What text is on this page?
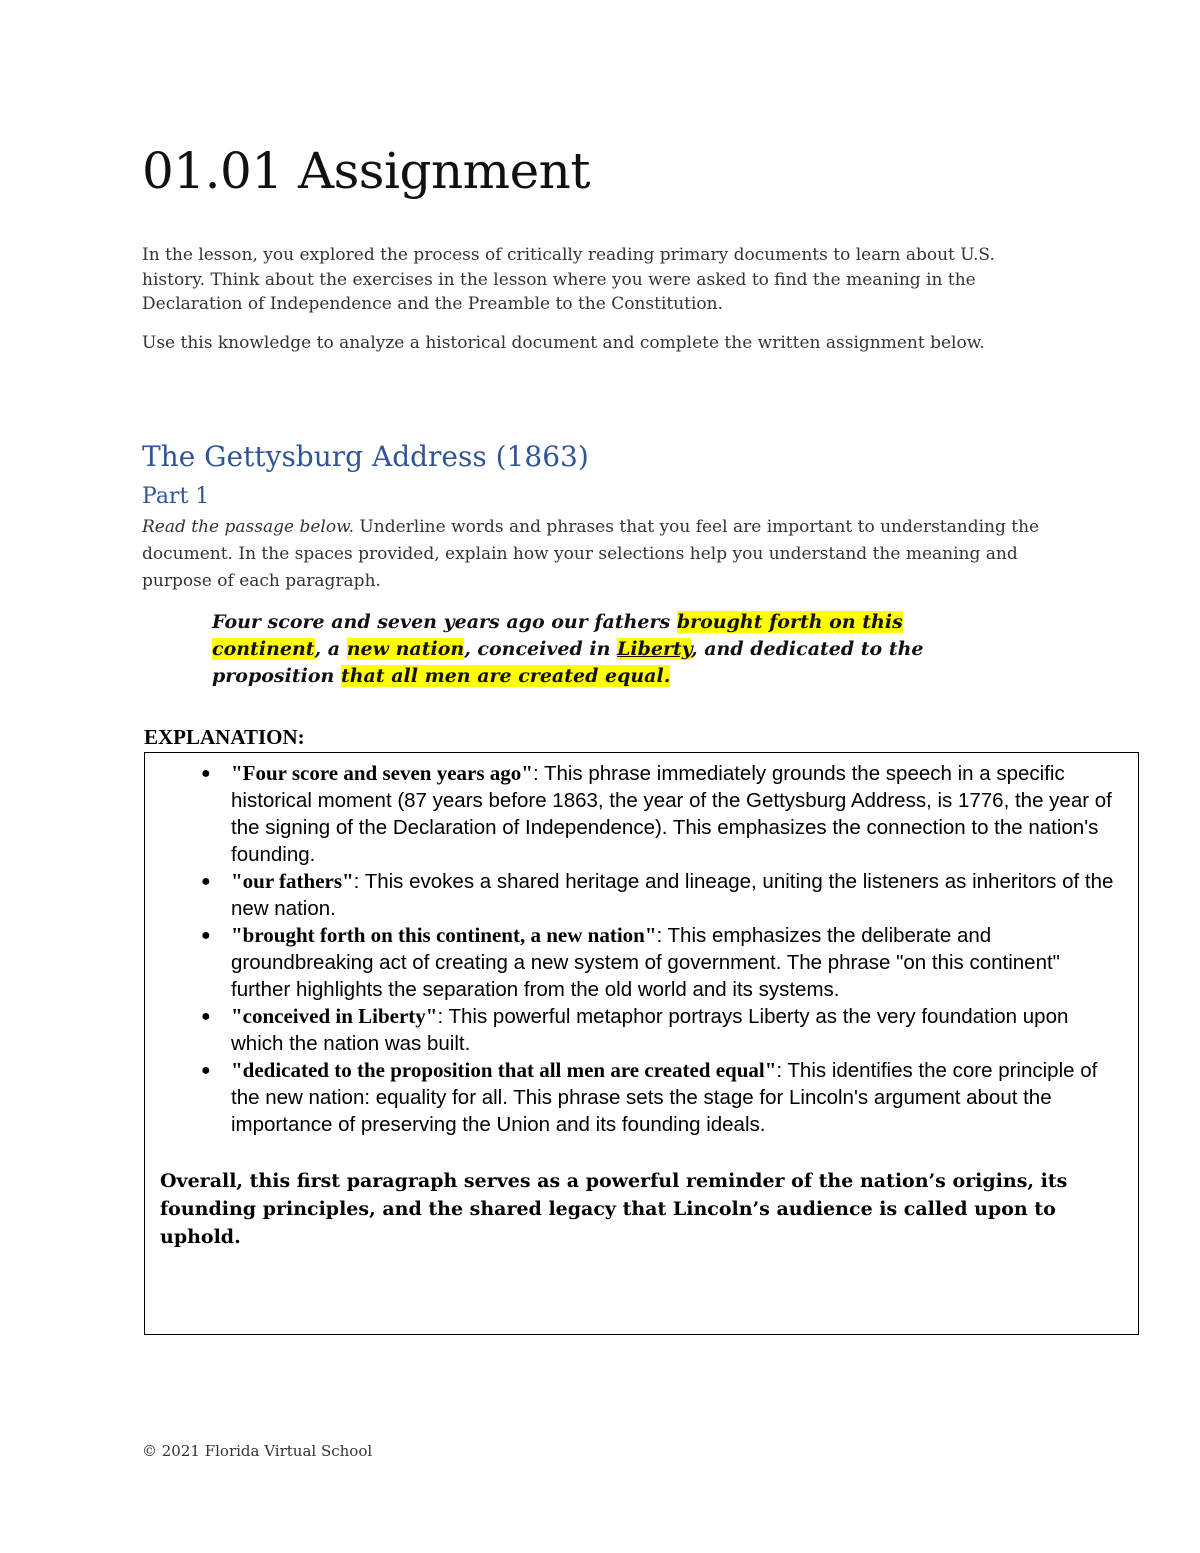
01.01 Assignment

In the lesson, you explored the process of critically reading primary documents to learn about U.S. history. Think about the exercises in the lesson where you were asked to find the meaning in the Declaration of Independence and the Preamble to the Constitution.

Use this knowledge to analyze a historical document and complete the written assignment below.

The Gettysburg Address (1863)
Part 1

Read the passage below. Underline words and phrases that you feel are important to understanding the document. In the spaces provided, explain how your selections help you understand the meaning and purpose of each paragraph.

Four score and seven years ago our fathers brought forth on this continent, a new nation, conceived in Liberty, and dedicated to the proposition that all men are created equal.

EXPLANATION:

● "Four score and seven years ago": This phrase immediately grounds the speech in a specific historical moment (87 years before 1863, the year of the Gettysburg Address, is 1776, the year of the signing of the Declaration of Independence). This emphasizes the connection to the nation's founding.
● "our fathers": This evokes a shared heritage and lineage, uniting the listeners as inheritors of the new nation.
● "brought forth on this continent, a new nation": This emphasizes the deliberate and groundbreaking act of creating a new system of government. The phrase "on this continent" further highlights the separation from the old world and its systems.
● "conceived in Liberty": This powerful metaphor portrays Liberty as the very foundation upon which the nation was built.
● "dedicated to the proposition that all men are created equal": This identifies the core principle of the new nation: equality for all. This phrase sets the stage for Lincoln's argument about the importance of preserving the Union and its founding ideals.

Overall, this first paragraph serves as a powerful reminder of the nation’s origins, its founding principles, and the shared legacy that Lincoln’s audience is called upon to uphold.

© 2021 Florida Virtual School
